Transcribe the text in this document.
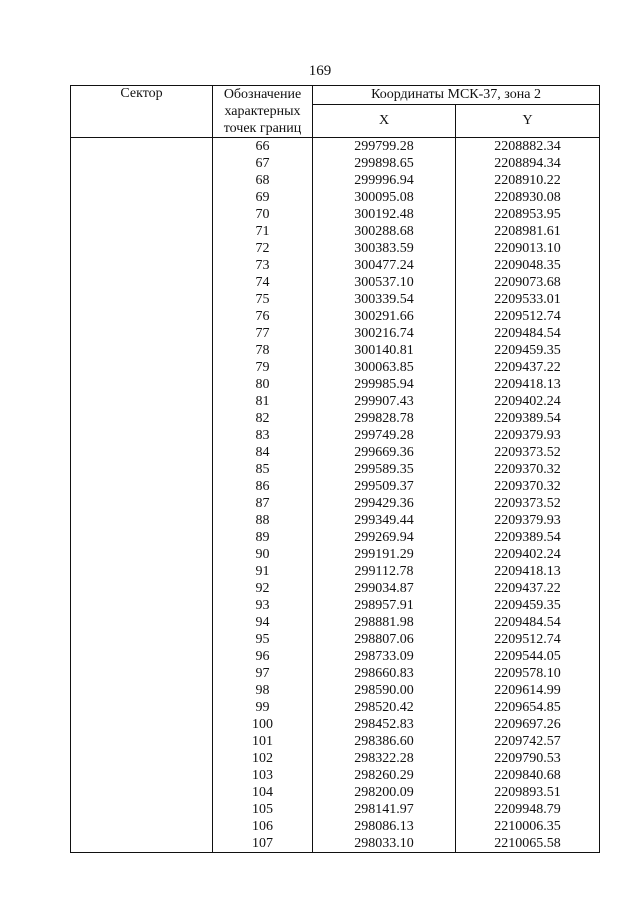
169
Сектор	Обозначение
характерных
точек границ	Координаты МСК-37, зона 2	
		X	Y
	66	299799.28	2208882.34
	67	299898.65	2208894.34
	68	299996.94	2208910.22
	69	300095.08	2208930.08
	70	300192.48	2208953.95
	71	300288.68	2208981.61
	72	300383.59	2209013.10
	73	300477.24	2209048.35
	74	300537.10	2209073.68
	75	300339.54	2209533.01
	76	300291.66	2209512.74
	77	300216.74	2209484.54
	78	300140.81	2209459.35
	79	300063.85	2209437.22
	80	299985.94	2209418.13
	81	299907.43	2209402.24
	82	299828.78	2209389.54
	83	299749.28	2209379.93
	84	299669.36	2209373.52
	85	299589.35	2209370.32
	86	299509.37	2209370.32
	87	299429.36	2209373.52
	88	299349.44	2209379.93
	89	299269.94	2209389.54
	90	299191.29	2209402.24
	91	299112.78	2209418.13
	92	299034.87	2209437.22
	93	298957.91	2209459.35
	94	298881.98	2209484.54
	95	298807.06	2209512.74
	96	298733.09	2209544.05
	97	298660.83	2209578.10
	98	298590.00	2209614.99
	99	298520.42	2209654.85
	100	298452.83	2209697.26
	101	298386.60	2209742.57
	102	298322.28	2209790.53
	103	298260.29	2209840.68
	104	298200.09	2209893.51
	105	298141.97	2209948.79
	106	298086.13	2210006.35
	107	298033.10	2210065.58
